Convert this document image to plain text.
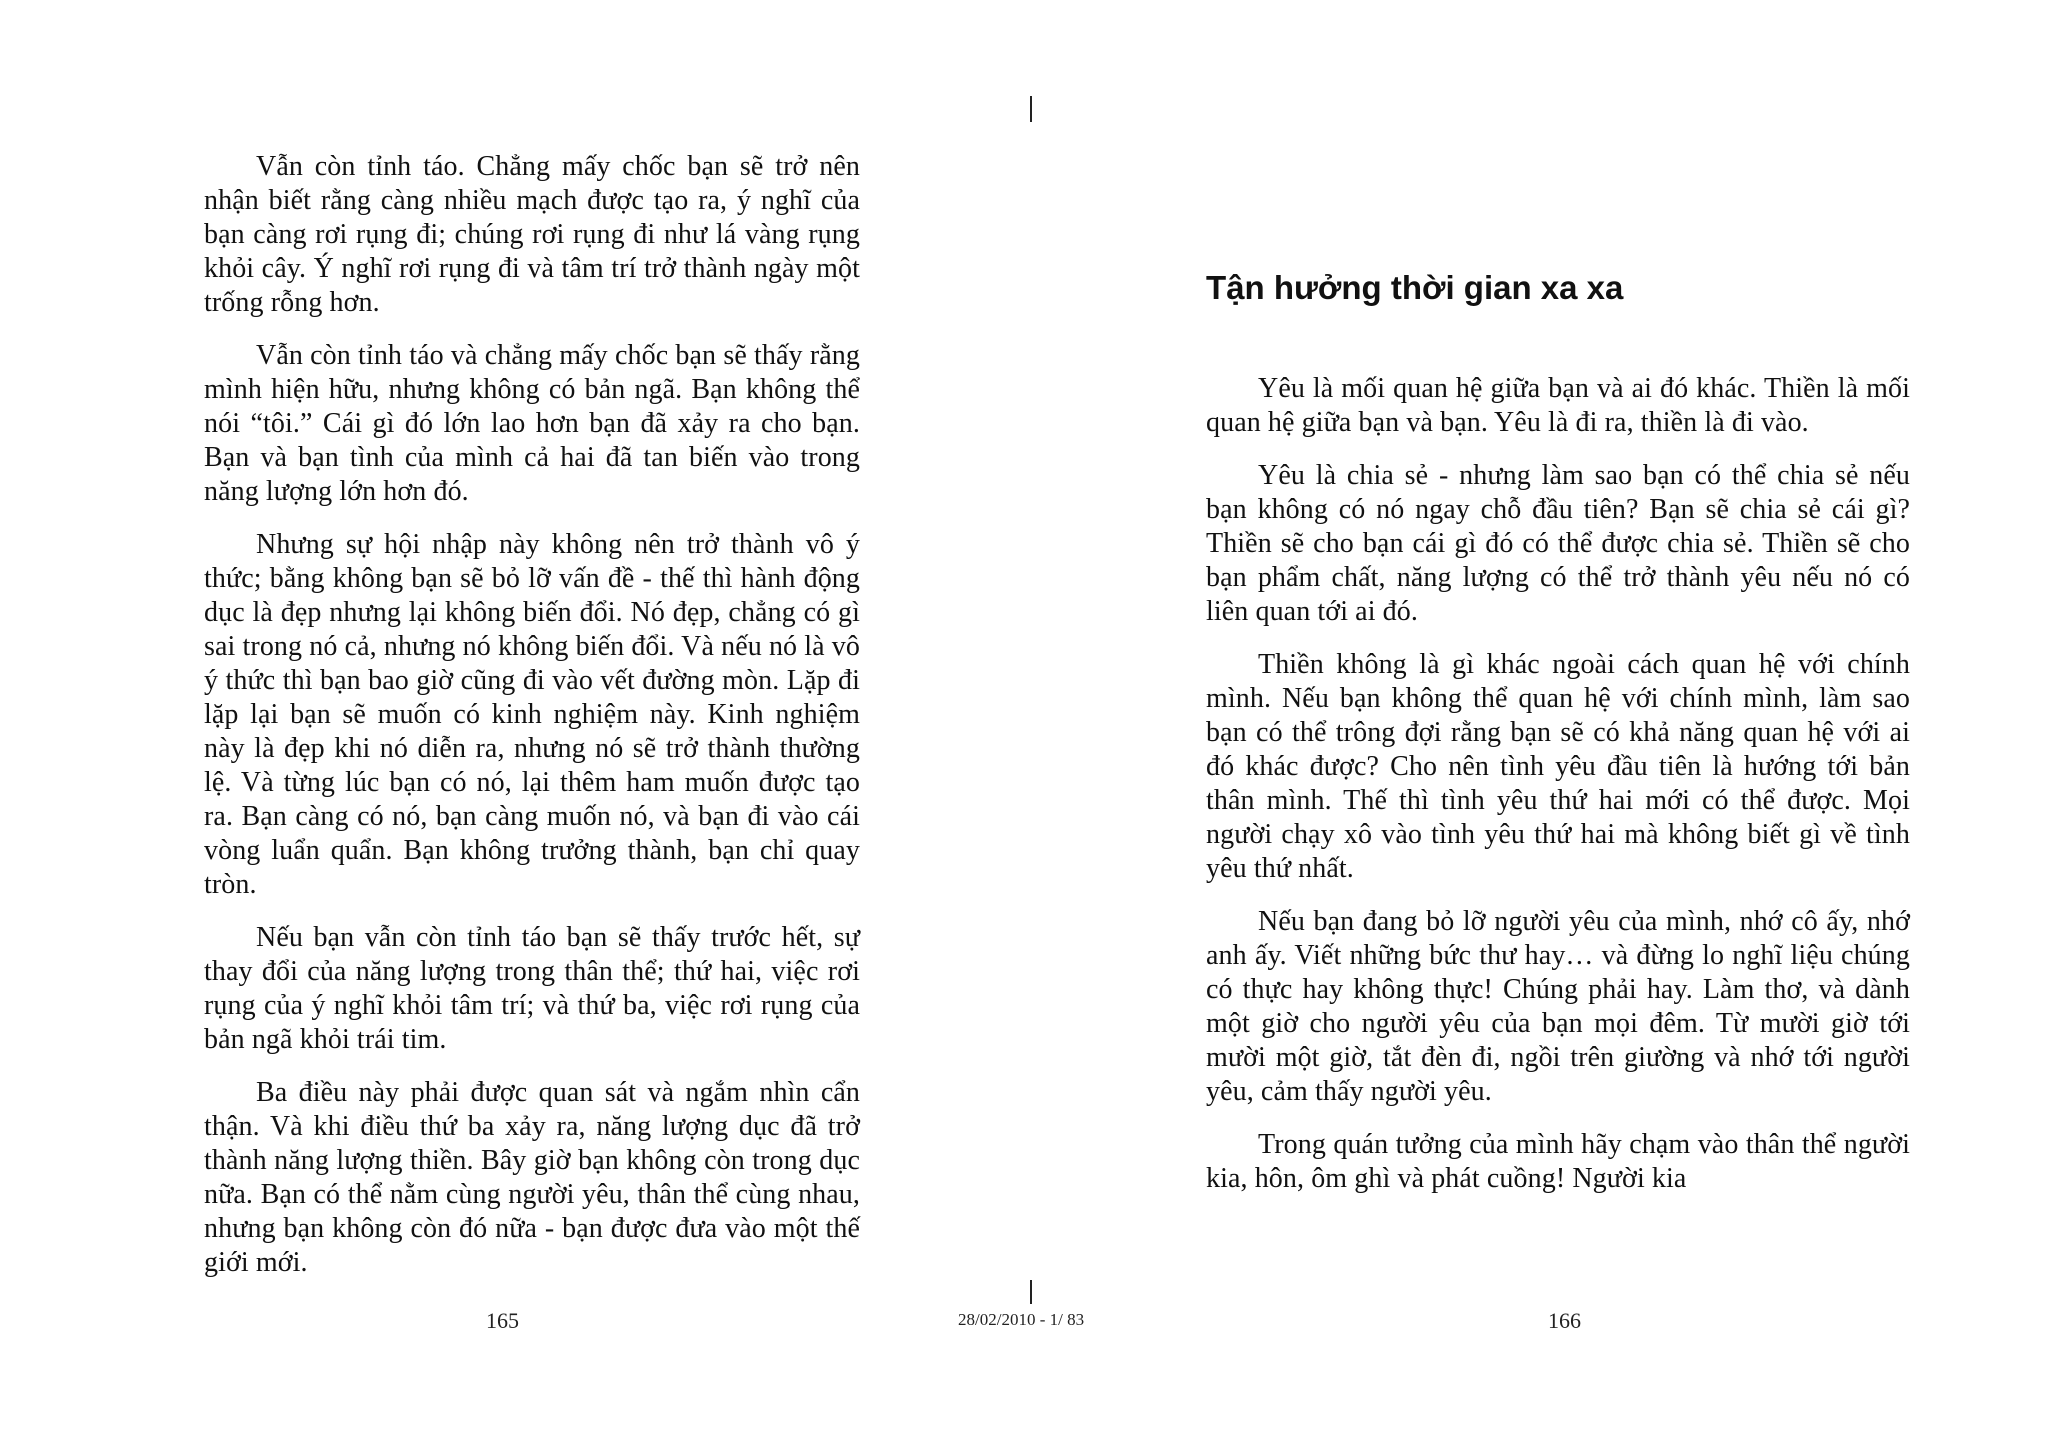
Vẫn còn tỉnh táo. Chẳng mấy chốc bạn sẽ trở nên nhận biết rằng càng nhiều mạch được tạo ra, ý nghĩ của bạn càng rơi rụng đi; chúng rơi rụng đi như lá vàng rụng khỏi cây. Ý nghĩ rơi rụng đi và tâm trí trở thành ngày một trống rỗng hơn.

Vẫn còn tỉnh táo và chẳng mấy chốc bạn sẽ thấy rằng mình hiện hữu, nhưng không có bản ngã. Bạn không thể nói “tôi.” Cái gì đó lớn lao hơn bạn đã xảy ra cho bạn. Bạn và bạn tình của mình cả hai đã tan biến vào trong năng lượng lớn hơn đó.

Nhưng sự hội nhập này không nên trở thành vô ý thức; bằng không bạn sẽ bỏ lỡ vấn đề - thế thì hành động dục là đẹp nhưng lại không biến đổi. Nó đẹp, chẳng có gì sai trong nó cả, nhưng nó không biến đổi. Và nếu nó là vô ý thức thì bạn bao giờ cũng đi vào vết đường mòn. Lặp đi lặp lại bạn sẽ muốn có kinh nghiệm này. Kinh nghiệm này là đẹp khi nó diễn ra, nhưng nó sẽ trở thành thường lệ. Và từng lúc bạn có nó, lại thêm ham muốn được tạo ra. Bạn càng có nó, bạn càng muốn nó, và bạn đi vào cái vòng luẩn quẩn. Bạn không trưởng thành, bạn chỉ quay tròn.

Nếu bạn vẫn còn tỉnh táo bạn sẽ thấy trước hết, sự thay đổi của năng lượng trong thân thể; thứ hai, việc rơi rụng của ý nghĩ khỏi tâm trí; và thứ ba, việc rơi rụng của bản ngã khỏi trái tim.

Ba điều này phải được quan sát và ngắm nhìn cẩn thận. Và khi điều thứ ba xảy ra, năng lượng dục đã trở thành năng lượng thiền. Bây giờ bạn không còn trong dục nữa. Bạn có thể nằm cùng người yêu, thân thể cùng nhau, nhưng bạn không còn đó nữa - bạn được đưa vào một thế giới mới.

Tận hưởng thời gian xa xa

Yêu là mối quan hệ giữa bạn và ai đó khác. Thiền là mối quan hệ giữa bạn và bạn. Yêu là đi ra, thiền là đi vào.

Yêu là chia sẻ - nhưng làm sao bạn có thể chia sẻ nếu bạn không có nó ngay chỗ đầu tiên? Bạn sẽ chia sẻ cái gì? Thiền sẽ cho bạn cái gì đó có thể được chia sẻ. Thiền sẽ cho bạn phẩm chất, năng lượng có thể trở thành yêu nếu nó có liên quan tới ai đó.

Thiền không là gì khác ngoài cách quan hệ với chính mình. Nếu bạn không thể quan hệ với chính mình, làm sao bạn có thể trông đợi rằng bạn sẽ có khả năng quan hệ với ai đó khác được? Cho nên tình yêu đầu tiên là hướng tới bản thân mình. Thế thì tình yêu thứ hai mới có thể được. Mọi người chạy xô vào tình yêu thứ hai mà không biết gì về tình yêu thứ nhất.

Nếu bạn đang bỏ lỡ người yêu của mình, nhớ cô ấy, nhớ anh ấy. Viết những bức thư hay… và đừng lo nghĩ liệu chúng có thực hay không thực! Chúng phải hay. Làm thơ, và dành một giờ cho người yêu của bạn mọi đêm. Từ mười giờ tới mười một giờ, tắt đèn đi, ngồi trên giường và nhớ tới người yêu, cảm thấy người yêu.

Trong quán tưởng của mình hãy chạm vào thân thể người kia, hôn, ôm ghì và phát cuồng! Người kia

165	28/02/2010 - 1/ 83	166
